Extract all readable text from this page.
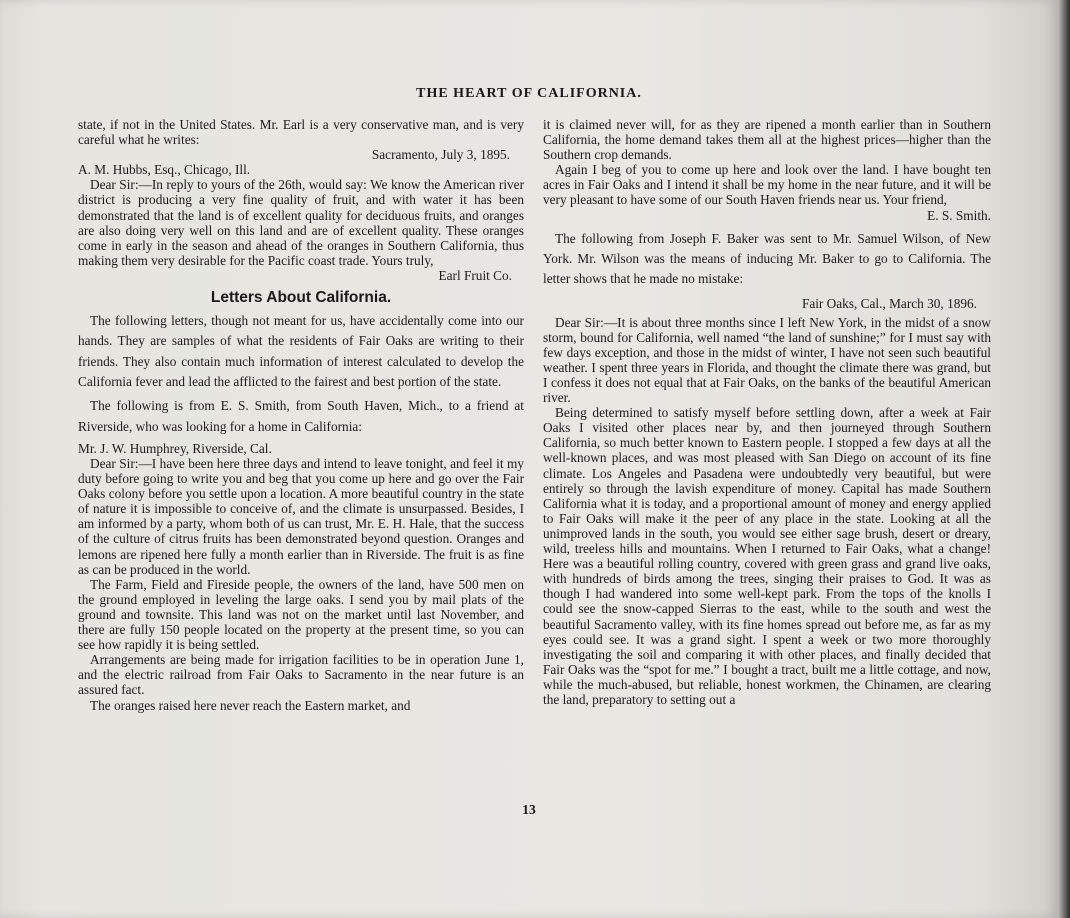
THE HEART OF CALIFORNIA.

state, if not in the United States. Mr. Earl is a very conservative man, and is very careful what he writes:

Sacramento, July 3, 1895.

A. M. Hubbs, Esq., Chicago, Ill.

Dear Sir:—In reply to yours of the 26th, would say: We know the American river district is producing a very fine quality of fruit, and with water it has been demonstrated that the land is of excellent quality for deciduous fruits, and oranges are also doing very well on this land and are of excellent quality. These oranges come in early in the season and ahead of the oranges in Southern California, thus making them very desirable for the Pacific coast trade. Yours truly,

Earl Fruit Co.
Letters About California.

The following letters, though not meant for us, have accidentally come into our hands. They are samples of what the residents of Fair Oaks are writing to their friends. They also contain much information of interest calculated to develop the California fever and lead the afflicted to the fairest and best portion of the state.

The following is from E. S. Smith, from South Haven, Mich., to a friend at Riverside, who was looking for a home in California:

Mr. J. W. Humphrey, Riverside, Cal.

Dear Sir:—I have been here three days and intend to leave tonight, and feel it my duty before going to write you and beg that you come up here and go over the Fair Oaks colony before you settle upon a location. A more beautiful country in the state of nature it is impossible to conceive of, and the climate is unsurpassed. Besides, I am informed by a party, whom both of us can trust, Mr. E. H. Hale, that the success of the culture of citrus fruits has been demonstrated beyond question. Oranges and lemons are ripened here fully a month earlier than in Riverside. The fruit is as fine as can be produced in the world.

The Farm, Field and Fireside people, the owners of the land, have 500 men on the ground employed in leveling the large oaks. I send you by mail plats of the ground and townsite. This land was not on the market until last November, and there are fully 150 people located on the property at the present time, so you can see how rapidly it is being settled.

Arrangements are being made for irrigation facilities to be in operation June 1, and the electric railroad from Fair Oaks to Sacramento in the near future is an assured fact.

The oranges raised here never reach the Eastern market, and

it is claimed never will, for as they are ripened a month earlier than in Southern California, the home demand takes them all at the highest prices—higher than the Southern crop demands.

Again I beg of you to come up here and look over the land. I have bought ten acres in Fair Oaks and I intend it shall be my home in the near future, and it will be very pleasant to have some of our South Haven friends near us. Your friend,

E. S. Smith.

The following from Joseph F. Baker was sent to Mr. Samuel Wilson, of New York. Mr. Wilson was the means of inducing Mr. Baker to go to California. The letter shows that he made no mistake:

Fair Oaks, Cal., March 30, 1896.

Dear Sir:—It is about three months since I left New York, in the midst of a snow storm, bound for California, well named “the land of sunshine;” for I must say with few days exception, and those in the midst of winter, I have not seen such beautiful weather. I spent three years in Florida, and thought the climate there was grand, but I confess it does not equal that at Fair Oaks, on the banks of the beautiful American river.

Being determined to satisfy myself before settling down, after a week at Fair Oaks I visited other places near by, and then journeyed through Southern California, so much better known to Eastern people. I stopped a few days at all the well-known places, and was most pleased with San Diego on account of its fine climate. Los Angeles and Pasadena were undoubtedly very beautiful, but were entirely so through the lavish expenditure of money. Capital has made Southern California what it is today, and a proportional amount of money and energy applied to Fair Oaks will make it the peer of any place in the state. Looking at all the unimproved lands in the south, you would see either sage brush, desert or dreary, wild, treeless hills and mountains. When I returned to Fair Oaks, what a change! Here was a beautiful rolling country, covered with green grass and grand live oaks, with hundreds of birds among the trees, singing their praises to God. It was as though I had wandered into some well-kept park. From the tops of the knolls I could see the snow-capped Sierras to the east, while to the south and west the beautiful Sacramento valley, with its fine homes spread out before me, as far as my eyes could see. It was a grand sight. I spent a week or two more thoroughly investigating the soil and comparing it with other places, and finally decided that Fair Oaks was the “spot for me.” I bought a tract, built me a little cottage, and now, while the much-abused, but reliable, honest workmen, the Chinamen, are clearing the land, preparatory to setting out a

13
